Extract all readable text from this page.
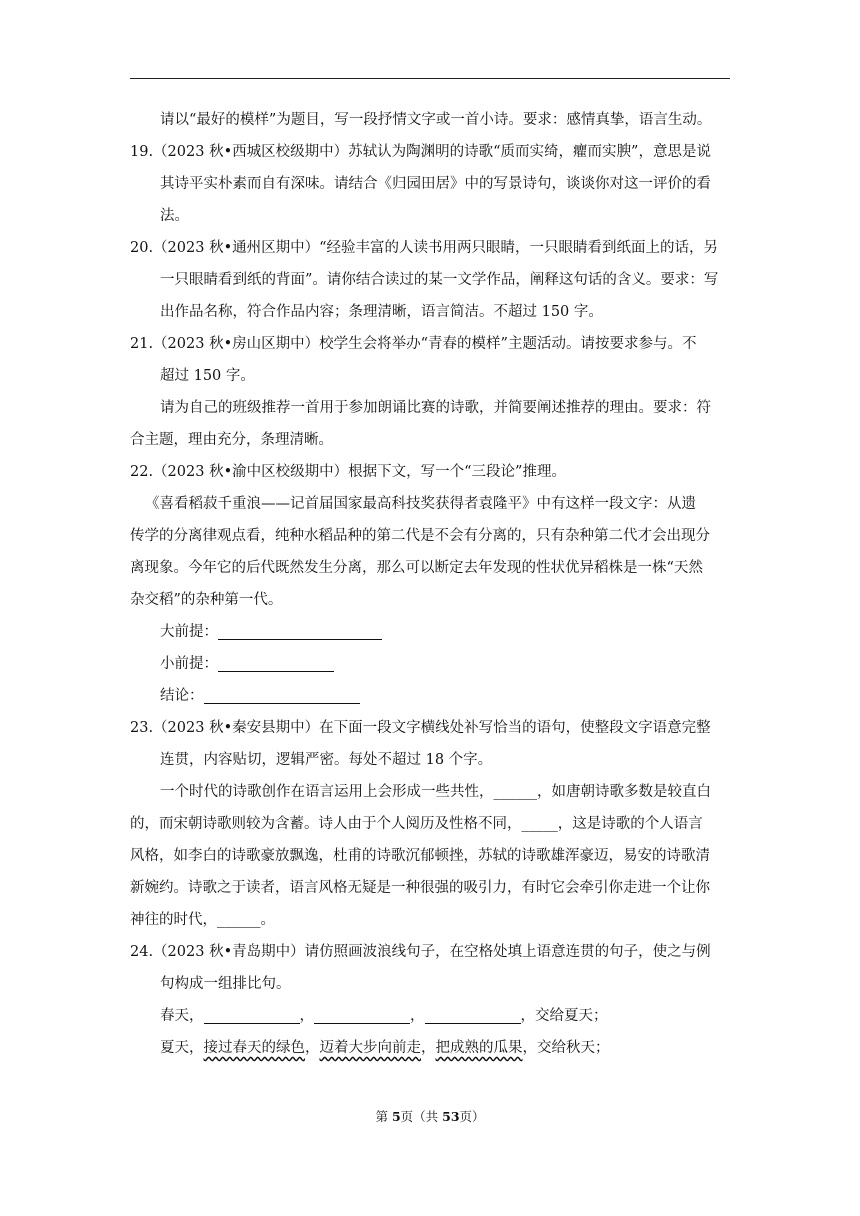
请以“最好的模样”为题目，写一段抒情文字或一首小诗。要求：感情真挚，语言生动。
19.（2023 秋•西城区校级期中）苏轼认为陶渊明的诗歌“质而实绮，癯而实腴”，意思是说
其诗平实朴素而自有深味。请结合《归园田居》中的写景诗句，谈谈你对这一评价的看
法。
20.（2023 秋•通州区期中）“经验丰富的人读书用两只眼睛，一只眼睛看到纸面上的话，另
一只眼睛看到纸的背面”。请你结合读过的某一文学作品，阐释这句话的含义。要求：写
出作品名称，符合作品内容；条理清晰，语言简洁。不超过 150 字。
21.（2023 秋•房山区期中）校学生会将举办“青春的模样”主题活动。请按要求参与。不
超过 150 字。
请为自己的班级推荐一首用于参加朗诵比赛的诗歌，并简要阐述推荐的理由。要求：符
合主题，理由充分，条理清晰。
22.（2023 秋•渝中区校级期中）根据下文，写一个“三段论”推理。
《喜看稻菽千重浪——记首届国家最高科技奖获得者袁隆平》中有这样一段文字：从遗
传学的分离律观点看，纯种水稻品种的第二代是不会有分离的，只有杂种第二代才会出现分
离现象。今年它的后代既然发生分离，那么可以断定去年发现的性状优异稻株是一株“天然
杂交稻”的杂种第一代。
大前提：
小前提：
结论：
23.（2023 秋•秦安县期中）在下面一段文字横线处补写恰当的语句，使整段文字语意完整
连贯，内容贴切，逻辑严密。每处不超过 18 个字。
一个时代的诗歌创作在语言运用上会形成一些共性，______，如唐朝诗歌多数是较直白
的，而宋朝诗歌则较为含蓄。诗人由于个人阅历及性格不同，_____，这是诗歌的个人语言
风格，如李白的诗歌豪放飘逸，杜甫的诗歌沉郁顿挫，苏轼的诗歌雄浑豪迈，易安的诗歌清
新婉约。诗歌之于读者，语言风格无疑是一种很强的吸引力，有时它会牵引你走进一个让你
神往的时代，______。
24.（2023 秋•青岛期中）请仿照画波浪线句子，在空格处填上语意连贯的句子，使之与例
句构成一组排比句。
春天，	，	，	，交给夏天；
夏天，接过春天的绿色，迈着大步向前走，把成熟的瓜果，交给秋天；
第 5页（共 53页）
